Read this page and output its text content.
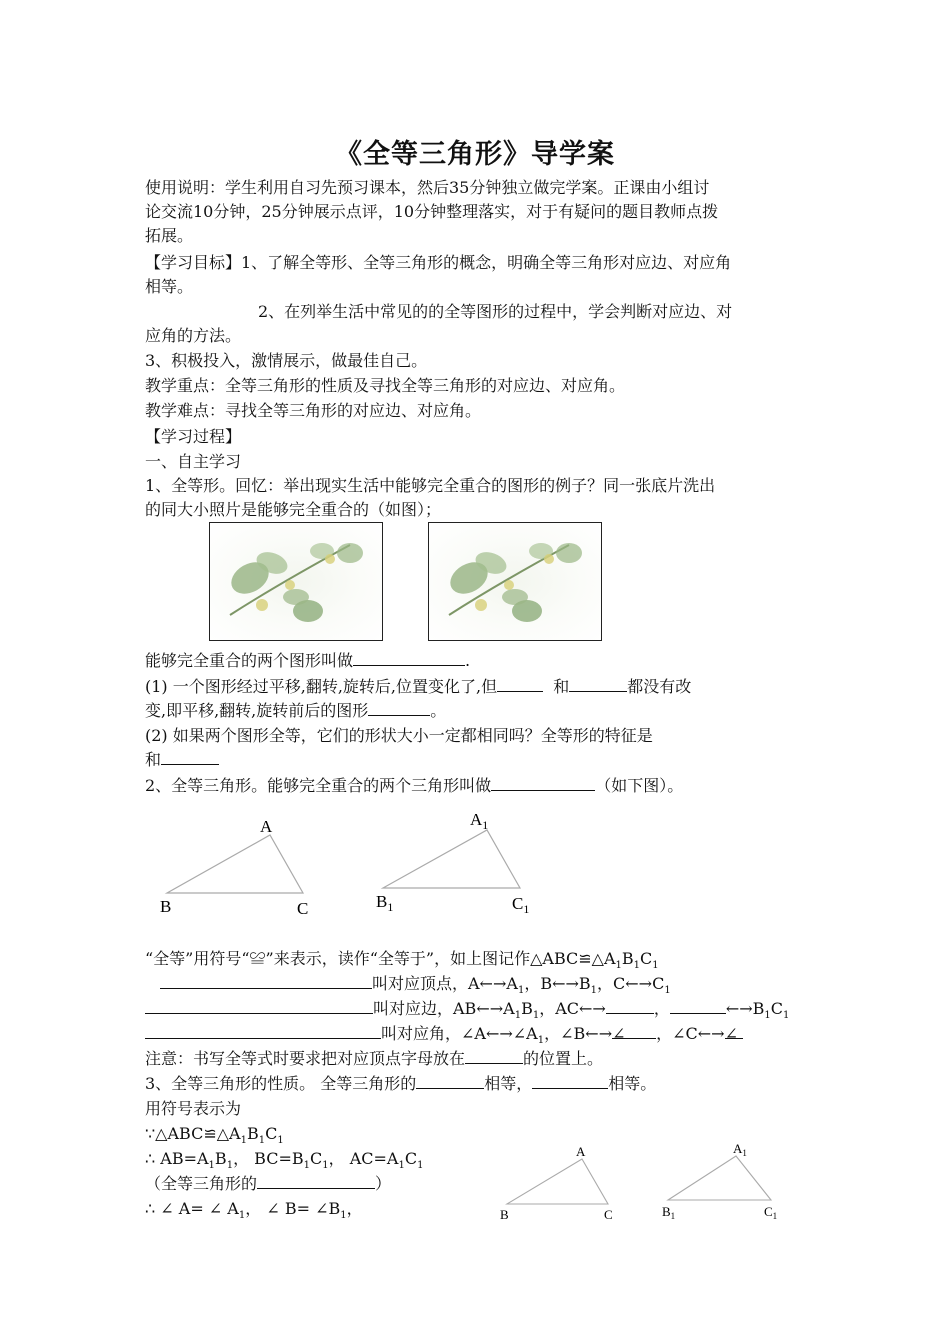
《全等三角形》导学案
使用说明：学生利用自习先预习课本，然后35分钟独立做完学案。正课由小组讨
论交流10分钟，25分钟展示点评，10分钟整理落实，对于有疑问的题目教师点拨
拓展。
【学习目标】1、了解全等形、全等三角形的概念，明确全等三角形对应边、对应角
相等。
2、在列举生活中常见的的全等图形的过程中，学会判断对应边、对
应角的方法。
3、积极投入，激情展示，做最佳自己。
教学重点：全等三角形的性质及寻找全等三角形的对应边、对应角。
教学难点：寻找全等三角形的对应边、对应角。
【学习过程】
一、自主学习
1、全等形。回忆：举出现实生活中能够完全重合的图形的例子？同一张底片洗出
的同大小照片是能够完全重合的（如图）；
能够完全重合的两个图形叫做	.
(1) 一个图形经过平移,翻转,旋转后,位置变化了,但	和	都没有改
变,即平移,翻转,旋转前后的图形	。
(2) 如果两个图形全等，它们的形状大小一定都相同吗？全等形的特征是
和
2、全等三角形。能够完全重合的两个三角形叫做	（如下图）。
A
B	C
$A_1$
$B_1$	$C_1$
“全等”用符号“≌”来表示，读作“全等于”，如上图记作$\triangle ABC≌\triangle A_1B_1C_1$
叫对应顶点，$A\leftarrow\to A_1$，$B\leftarrow\to B_1$，$C\leftarrow\to C_1$
叫对应边，$AB\leftarrow\to A_1B_1$，AC←→	，	$\leftarrow\to B_1C_1$
叫对应角，$\angle A\leftarrow\to\angle A_1$，∠B←→∠ ，∠C←→∠
注意：书写全等式时要求把对应顶点字母放在	的位置上。
3、全等三角形的性质。 全等三角形的	相等，	相等。
用符号表示为
$\because\triangle ABC≌\triangle A_1B_1C_1$
∴ $AB=A_1B_1$， $BC=B_1C_1$， $AC=A_1C_1$
（全等三角形的	）
∴ ∠ A= ∠ $A_1$， ∠ $B= \angle B_1$，
A
B	C
$A_1$
$B_1$	$C_1$
